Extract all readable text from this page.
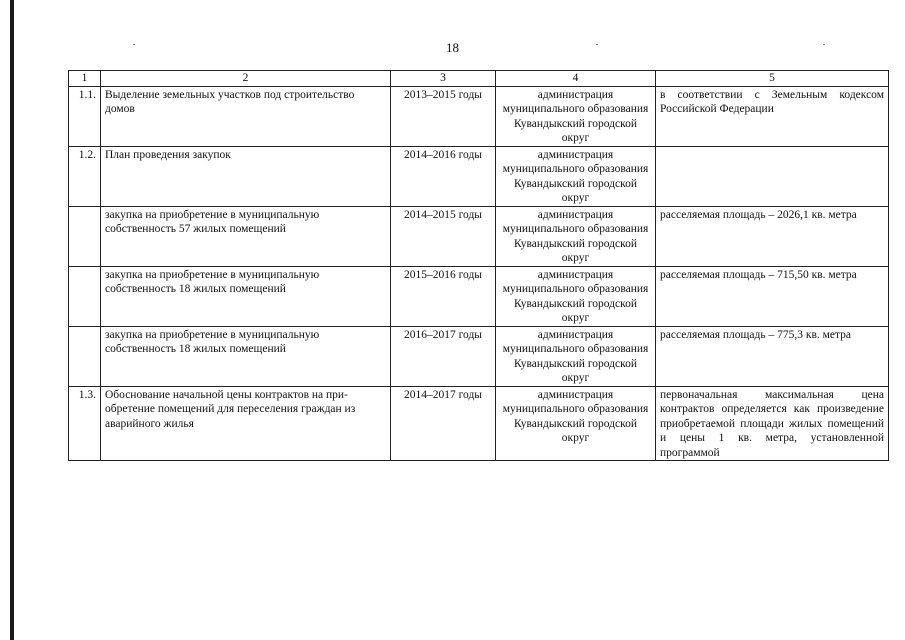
18
1	2	3	4	5
1.1.	Выделение земельных участков под строительство домов	2013–2015 годы	администрация муниципального образования Кувандыкский городской округ	в соответствии с Земельным кодексом Российской Федерации
1.2.	План проведения закупок	2014–2016 годы	администрация муниципального образования Кувандыкский городской округ	
	закупка на приобретение в муниципальную собственность 57 жилых помещений	2014–2015 годы	администрация муниципального образования Кувандыкский городской округ	расселяемая площадь – 2026,1 кв. метра
	закупка на приобретение в муниципальную собственность 18 жилых помещений	2015–2016 годы	администрация муниципального образования Кувандыкский городской округ	расселяемая площадь – 715,50 кв. метра
	закупка на приобретение в муниципальную собственность 18 жилых помещений	2016–2017 годы	администрация муниципального образования Кувандыкский городской округ	расселяемая площадь – 775,3 кв. метра
1.3.	Обоснование начальной цены контрактов на приобретение помещений для переселения граждан из аварийного жилья	2014–2017 годы	администрация муниципального образования Кувандыкский городской округ	первоначальная максимальная цена контрактов определяется как произведение приобретаемой площади жилых помещений и цены 1 кв. метра, установленной программой
